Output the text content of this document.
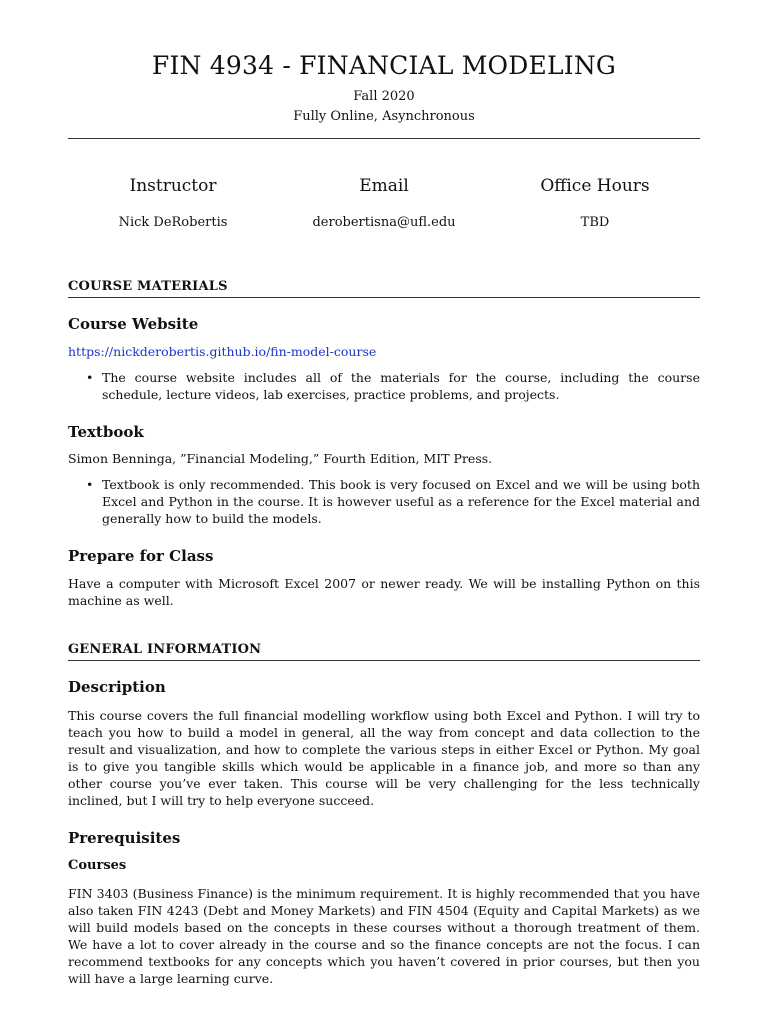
FIN 4934 - FINANCIAL MODELING
Fall 2020
Fully Online, Asynchronous
Instructor
Nick DeRobertis
Email
derobertisna@ufl.edu
Office Hours
TBD
COURSE MATERIALS
Course Website
https://nickderobertis.github.io/fin-model-course
• The course website includes all of the materials for the course, including the course schedule, lecture videos, lab exercises, practice problems, and projects.
Textbook
Simon Benninga, ”Financial Modeling,” Fourth Edition, MIT Press.
• Textbook is only recommended. This book is very focused on Excel and we will be using both Excel and Python in the course. It is however useful as a reference for the Excel material and generally how to build the models.
Prepare for Class
Have a computer with Microsoft Excel 2007 or newer ready. We will be installing Python on this machine as well.
GENERAL INFORMATION
Description
This course covers the full financial modelling workflow using both Excel and Python. I will try to teach you how to build a model in general, all the way from concept and data collection to the result and visualization, and how to complete the various steps in either Excel or Python. My goal is to give you tangible skills which would be applicable in a finance job, and more so than any other course you’ve ever taken. This course will be very challenging for the less technically inclined, but I will try to help everyone succeed.
Prerequisites
Courses
FIN 3403 (Business Finance) is the minimum requirement. It is highly recommended that you have also taken FIN 4243 (Debt and Money Markets) and FIN 4504 (Equity and Capital Markets) as we will build models based on the concepts in these courses without a thorough treatment of them. We have a lot to cover already in the course and so the finance concepts are not the focus. I can recommend textbooks for any concepts which you haven’t covered in prior courses, but then you will have a large learning curve.
